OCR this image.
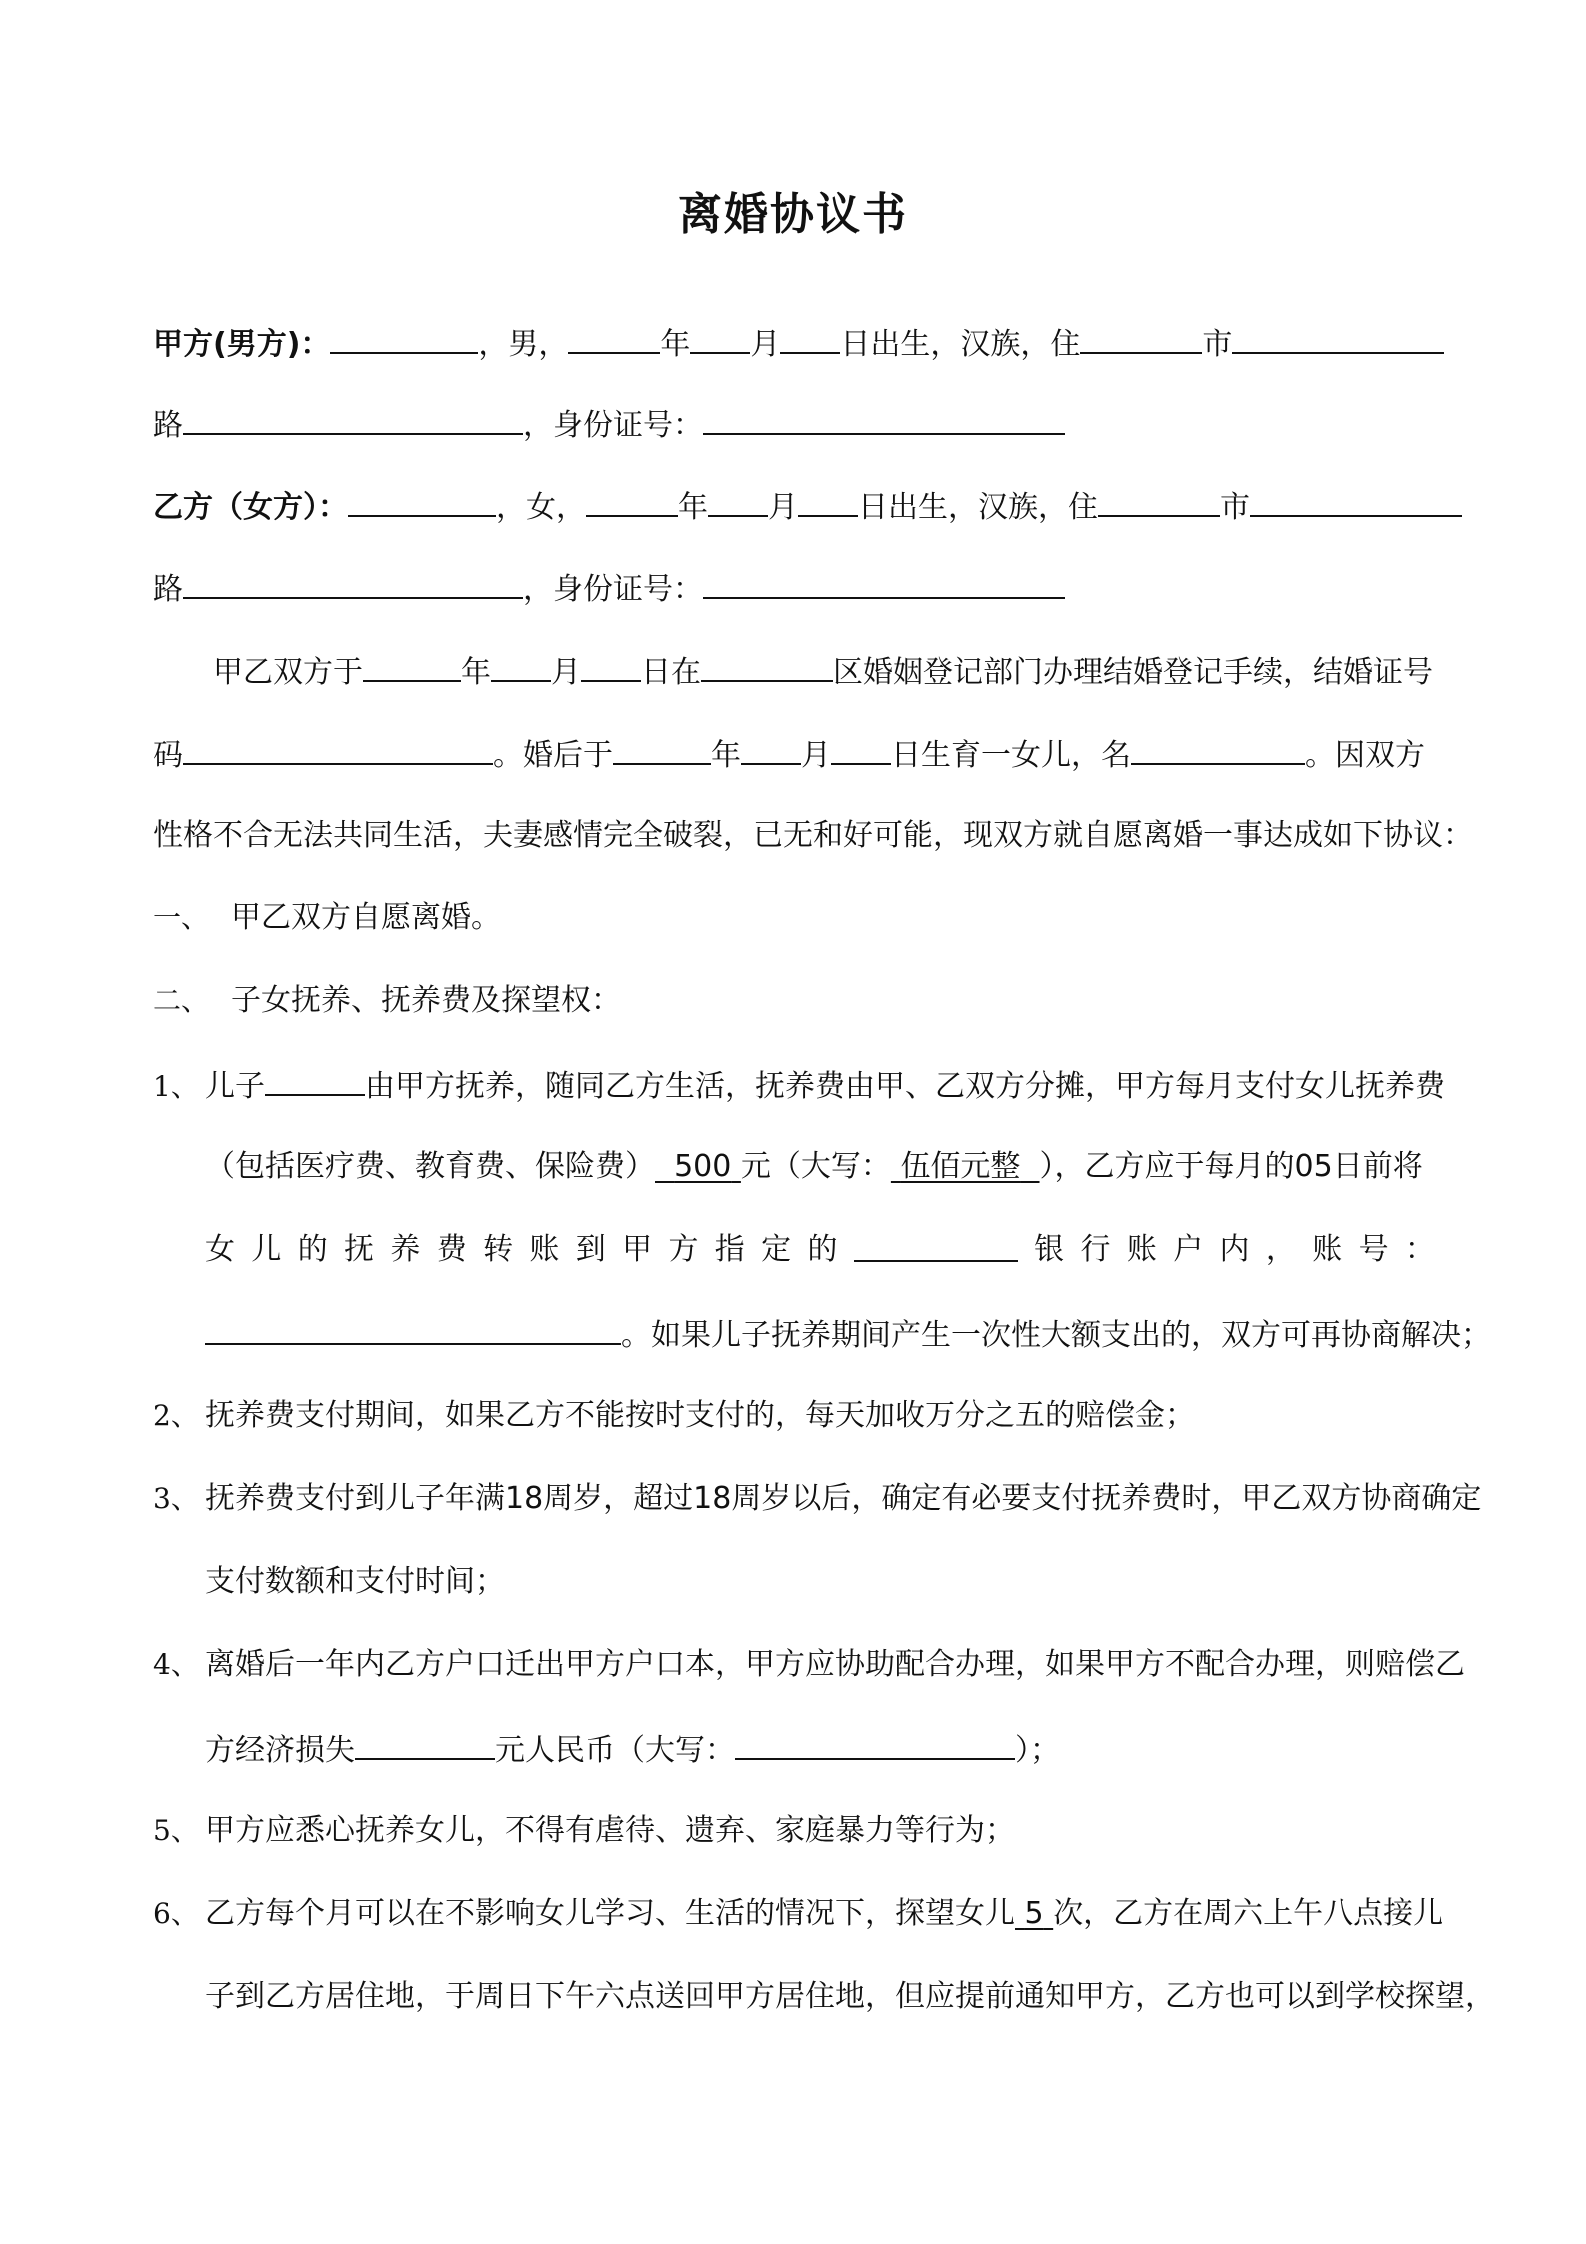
离婚协议书
甲方(男方)：	，男，	年 月 日出生，汉族，住	市
路	，身份证号：
乙方（女方）：	，女，	年 月 日出生，汉族，住	市
路	，身份证号：
甲乙双方于	年 月 日在	区婚姻登记部门办理结婚登记手续，结婚证号
码	。婚后于	年 月 日生育一女儿，名	。因双方
性格不合无法共同生活，夫妻感情完全破裂，已无和好可能，现双方就自愿离婚一事达成如下协议：
一、 甲乙双方自愿离婚。
二、 子女抚养、抚养费及探望权：
1、 儿子	由甲方抚养，随同乙方生活，抚养费由甲、乙双方分摊，甲方每月支付女儿抚养费
（包括医疗费、教育费、保险费） 500 元（大写： 伍佰元整 ），乙方应于每月的05日前将
女 儿 的 抚 养 费 转 账 到 甲 方 指 定 的	银 行 账 户 内 ， 账 号 ：
。如果儿子抚养期间产生一次性大额支出的，双方可再协商解决；
2、 抚养费支付期间，如果乙方不能按时支付的，每天加收万分之五的赔偿金；
3、 抚养费支付到儿子年满18周岁，超过18周岁以后，确定有必要支付抚养费时，甲乙双方协商确定
支付数额和支付时间；
4、 离婚后一年内乙方户口迁出甲方户口本，甲方应协助配合办理，如果甲方不配合办理，则赔偿乙
方经济损失	元人民币（大写：	）；
5、 甲方应悉心抚养女儿，不得有虐待、遗弃、家庭暴力等行为；
6、 乙方每个月可以在不影响女儿学习、生活的情况下，探望女儿 5 次，乙方在周六上午八点接儿
子到乙方居住地，于周日下午六点送回甲方居住地，但应提前通知甲方，乙方也可以到学校探望，
